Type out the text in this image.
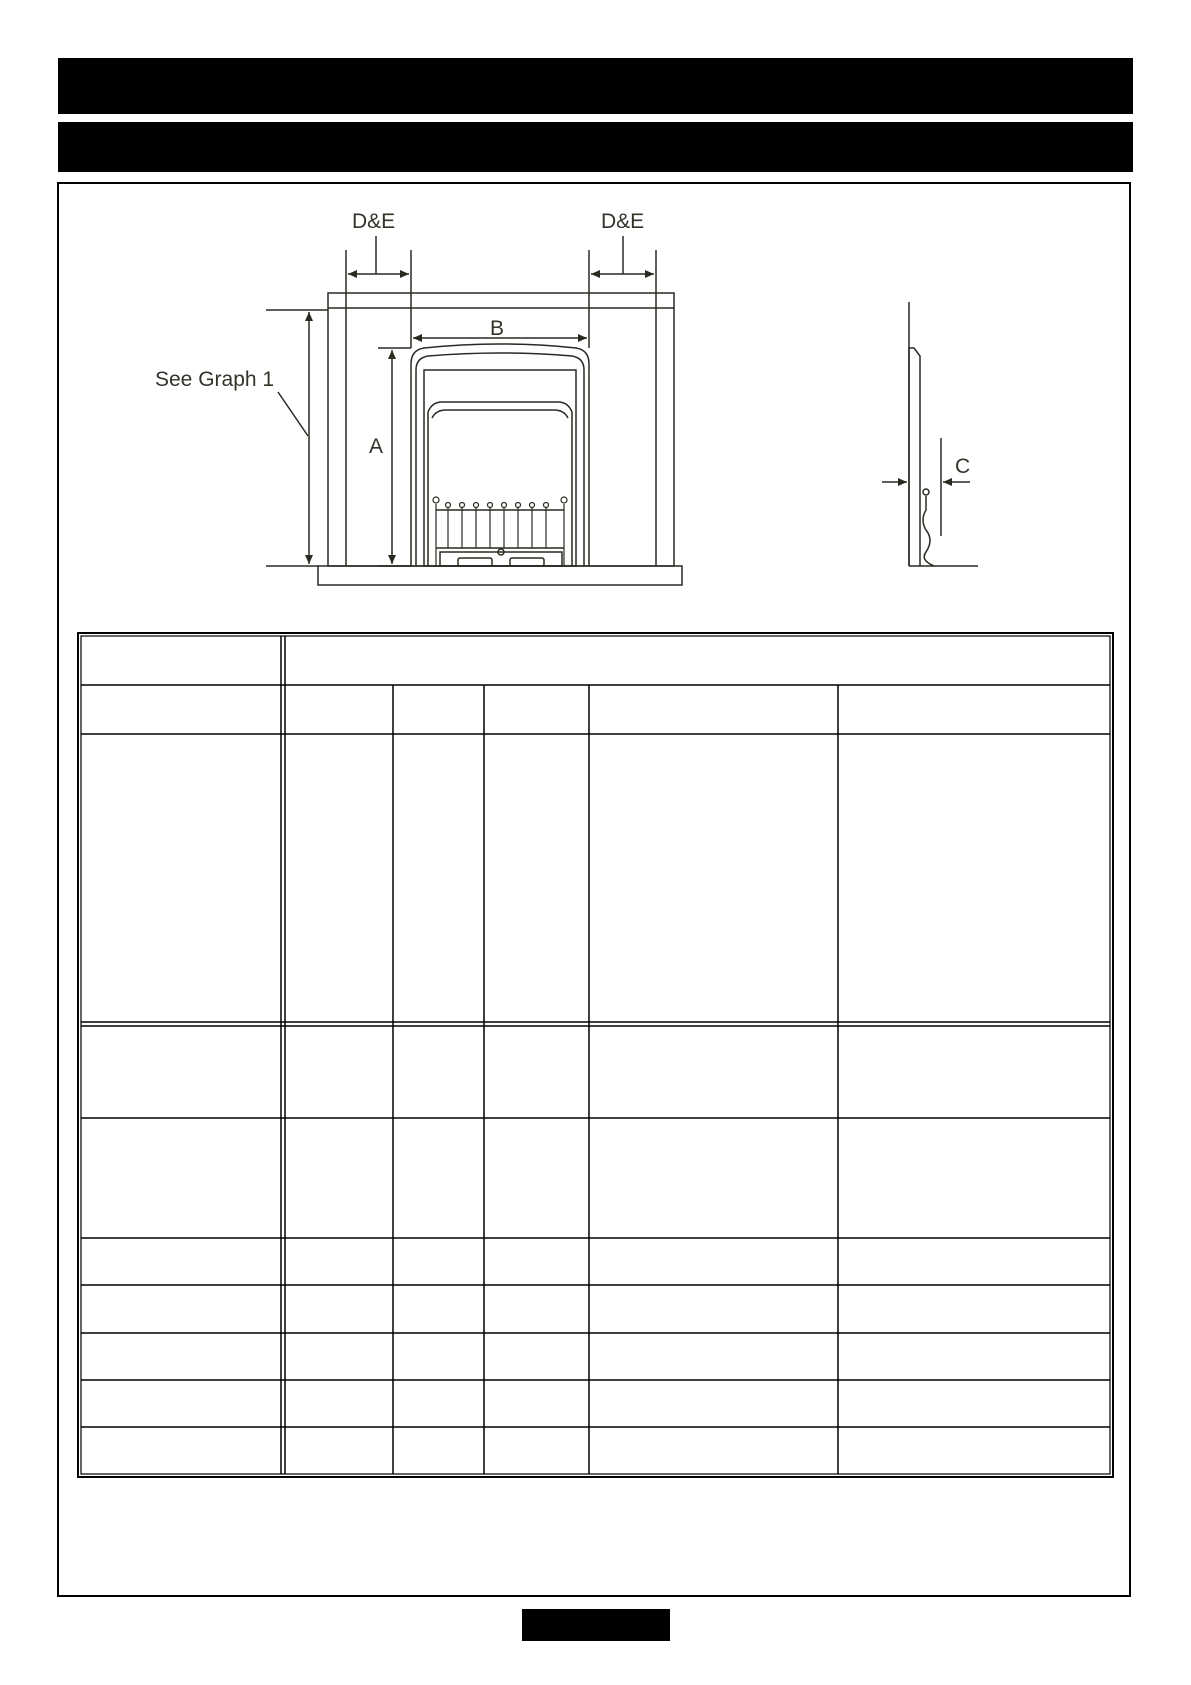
D&E	D&E
B
A
C
See Graph 1
